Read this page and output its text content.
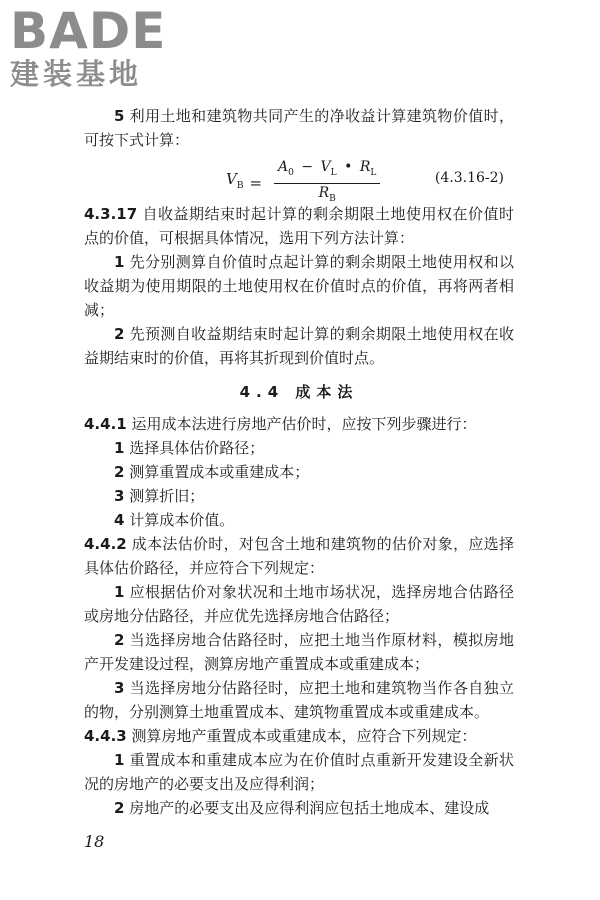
BADE
建装基地

5 利用土地和建筑物共同产生的净收益计算建筑物价值时，可按下式计算：

$V_B = \frac{A_0 - V_L • R_L}{R_B}$	(4.3.16-2)

4.3.17 自收益期结束时起计算的剩余期限土地使用权在价值时点的价值，可根据具体情况，选用下列方法计算：

1 先分别测算自价值时点起计算的剩余期限土地使用权和以收益期为使用期限的土地使用权在价值时点的价值，再将两者相减；

2 先预测自收益期结束时起计算的剩余期限土地使用权在收益期结束时的价值，再将其折现到价值时点。

4.4 成本法

4.4.1 运用成本法进行房地产估价时，应按下列步骤进行：

1 选择具体估价路径；

2 测算重置成本或重建成本；

3 测算折旧；

4 计算成本价值。

4.4.2 成本法估价时，对包含土地和建筑物的估价对象，应选择具体估价路径，并应符合下列规定：

1 应根据估价对象状况和土地市场状况，选择房地合估路径或房地分估路径，并应优先选择房地合估路径；

2 当选择房地合估路径时，应把土地当作原材料，模拟房地产开发建设过程，测算房地产重置成本或重建成本；

3 当选择房地分估路径时，应把土地和建筑物当作各自独立的物，分别测算土地重置成本、建筑物重置成本或重建成本。

4.4.3 测算房地产重置成本或重建成本，应符合下列规定：

1 重置成本和重建成本应为在价值时点重新开发建设全新状况的房地产的必要支出及应得利润；

2 房地产的必要支出及应得利润应包括土地成本、建设成

18
